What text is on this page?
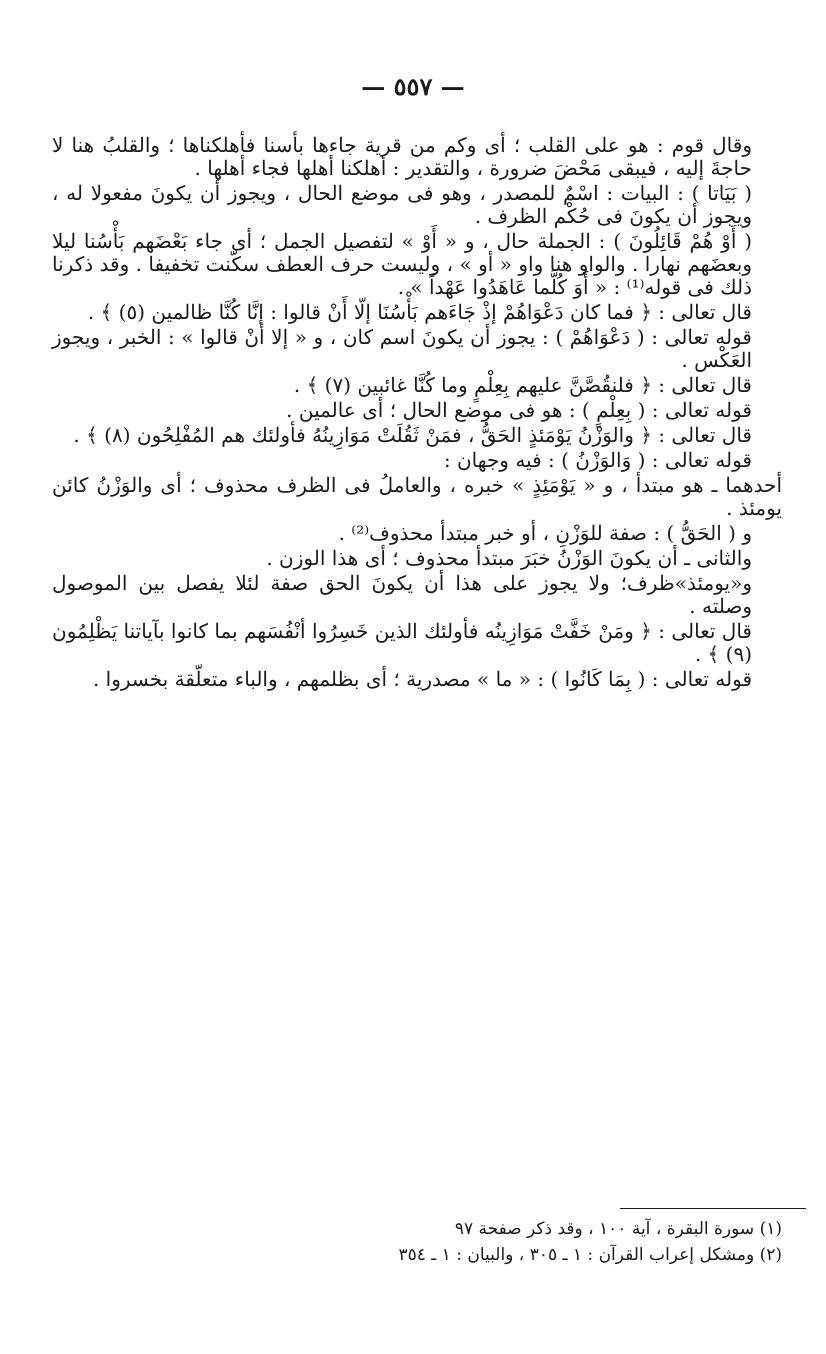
— ٥٥٧ —

وقال قوم : هو على القلب ؛ أى وكم من قرية جاءها بأسنا فأهلكناها ؛ والقلبُ هنا لا حاجةَ إليه ، فيبقى مَحْضَ ضرورة ، والتقدير : أهلكنا أهلها فجاء أهلها .

( بَيَاتا ) : البيات : اسْمٌ للمصدر ، وهو فى موضع الحال ، ويجوز أن يكونَ مفعولا له ، ويجوز أن يكونَ فى حُكْم الظرف .

( أَوْ هُمْ قَائِلُونَ ) : الجملة حال ، و « أَوْ » لتفصيل الجمل ؛ أى جاء بَعْضَهم بَأْسُنا ليلا وبعضَهم نهارا . والواو هنا واو « أو » ، وليست حرف العطف سكّنت تخفيفا . وقد ذكرنا ذلك فى قوله⁽¹⁾ : « أَوَ كُلَّما عَاهَدُوا عَهْداً » .

قال تعالى : ﴿ فما كان دَعْوَاهُمْ إذْ جَاءَهم بَأْسُنَا إلّا أَنْ قالوا : إنَّا كُنَّا ظالمين (٥) ﴾ .

قوله تعالى : ( دَعْوَاهُمْ ) : يجوز أن يكونَ اسم كان ، و « إلا أنْ قالوا » : الخبر ، ويجوز العَكْس .

قال تعالى : ﴿ فلنقُصَّنَّ عليهم بِعِلْمٍ وما كُنَّا غائبين (٧) ﴾ .

قوله تعالى : ( بِعِلْمٍ ) : هو فى موضع الحال ؛ أى عالمين .

قال تعالى : ﴿ والوَزْنُ يَوْمَئذٍ الحَقُّ ، فمَنْ ثَقُلَتْ مَوَازِينُهُ فأولئك هم المُفْلِحُون (٨) ﴾ .

قوله تعالى : ( وَالوَزْنُ ) : فيه وجهان :

أحدهما ـ هو مبتدأ ، و « يَوْمَئِذٍ » خبره ، والعاملُ فى الظرف محذوف ؛ أى والوَزْنُ كائن يومئذ .

و ( الحَقُّ ) : صفة للوَزْنِ ، أو خبر مبتدأ محذوف⁽²⁾ .

والثانى ـ أن يكونَ الوَزْنُ خبَرَ مبتدأ محذوف ؛ أى هذا الوزن .

و«يومئذ»ظرف؛ ولا يجوز على هذا أن يكونَ الحق صفة لئلا يفصل بين الموصول وصلته .

قال تعالى : ﴿ ومَنْ خَفَّتْ مَوَازِينُه فأولئك الذين خَسِرُوا أنْفُسَهم بما كانوا بآياتنا يَظْلِمُون (٩) ﴾ .

قوله تعالى : ( بِمَا كَانُوا ) : « ما » مصدرية ؛ أى بظلمهم ، والباء متعلّقة بخسروا .

(١) سورة البقرة ، آية ١٠٠ ، وقد ذكر صفحة ٩٧

(٢) ومشكل إعراب القرآن : ١ ـ ٣٠٥ ، والبيان : ١ ـ ٣٥٤
